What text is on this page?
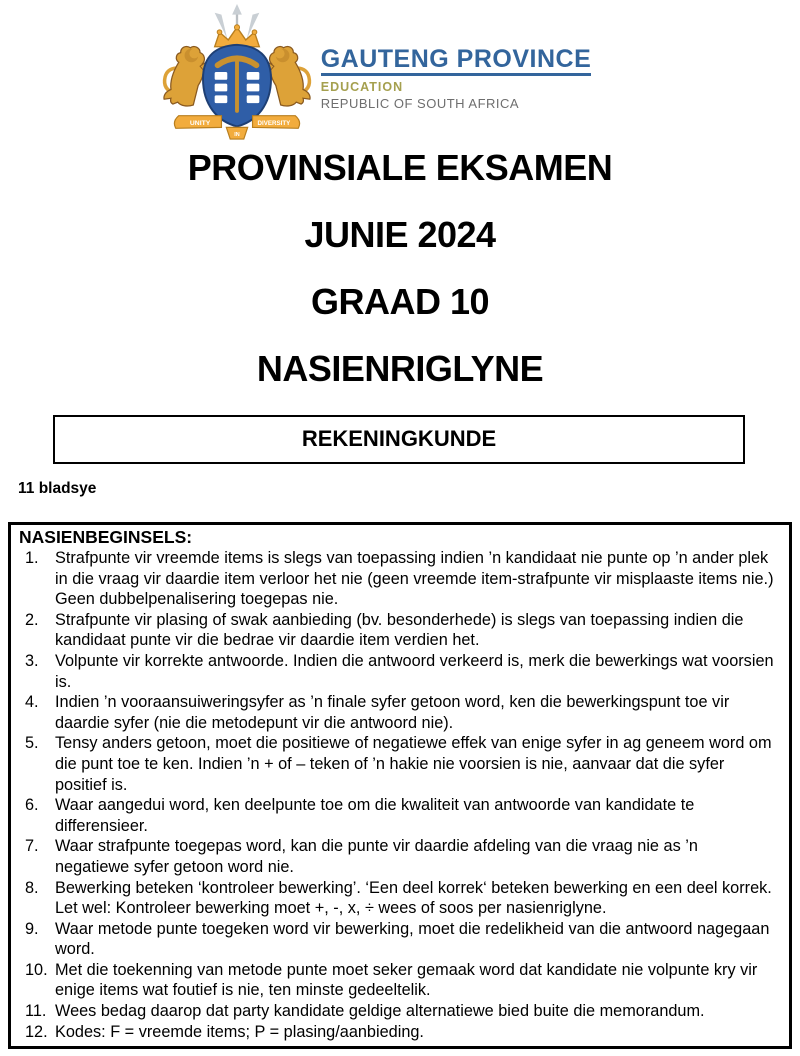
UNITY	DIVERSITY
IN
GAUTENG PROVINCE
EDUCATION
REPUBLIC OF SOUTH AFRICA
PROVINSIALE EKSAMEN
JUNIE 2024
GRAAD 10
NASIENRIGLYNE
REKENINGKUNDE
11 bladsye
NASIENBEGINSELS:
1.	Strafpunte vir vreemde items is slegs van toepassing indien ’n kandidaat nie punte op ’n ander plek in die vraag vir daardie item verloor het nie (geen vreemde item-strafpunte vir misplaaste items nie.) Geen dubbelpenalisering toegepas nie.
2.	Strafpunte vir plasing of swak aanbieding (bv. besonderhede) is slegs van toepassing indien die kandidaat punte vir die bedrae vir daardie item verdien het.
3.	Volpunte vir korrekte antwoorde. Indien die antwoord verkeerd is, merk die bewerkings wat voorsien is.
4.	Indien ’n vooraansuiweringsyfer as ’n finale syfer getoon word, ken die bewerkingspunt toe vir daardie syfer (nie die metodepunt vir die antwoord nie).
5.	Tensy anders getoon, moet die positiewe of negatiewe effek van enige syfer in ag geneem word om die punt toe te ken. Indien ’n + of – teken of ’n hakie nie voorsien is nie, aanvaar dat die syfer positief is.
6.	Waar aangedui word, ken deelpunte toe om die kwaliteit van antwoorde van kandidate te differensieer.
7.	Waar strafpunte toegepas word, kan die punte vir daardie afdeling van die vraag nie as ’n negatiewe syfer getoon word nie.
8.	Bewerking beteken ‘kontroleer bewerking’. ‘Een deel korrek‘ beteken bewerking en een deel korrek. Let wel: Kontroleer bewerking moet +, -, x, ÷ wees of soos per nasienriglyne.
9.	Waar metode punte toegeken word vir bewerking, moet die redelikheid van die antwoord nagegaan word.
10. Met die toekenning van metode punte moet seker gemaak word dat kandidate nie volpunte kry vir enige items wat foutief is nie, ten minste gedeeltelik.
11. Wees bedag daarop dat party kandidate geldige alternatiewe bied buite die memorandum.
12. Kodes: F = vreemde items; P = plasing/aanbieding.
